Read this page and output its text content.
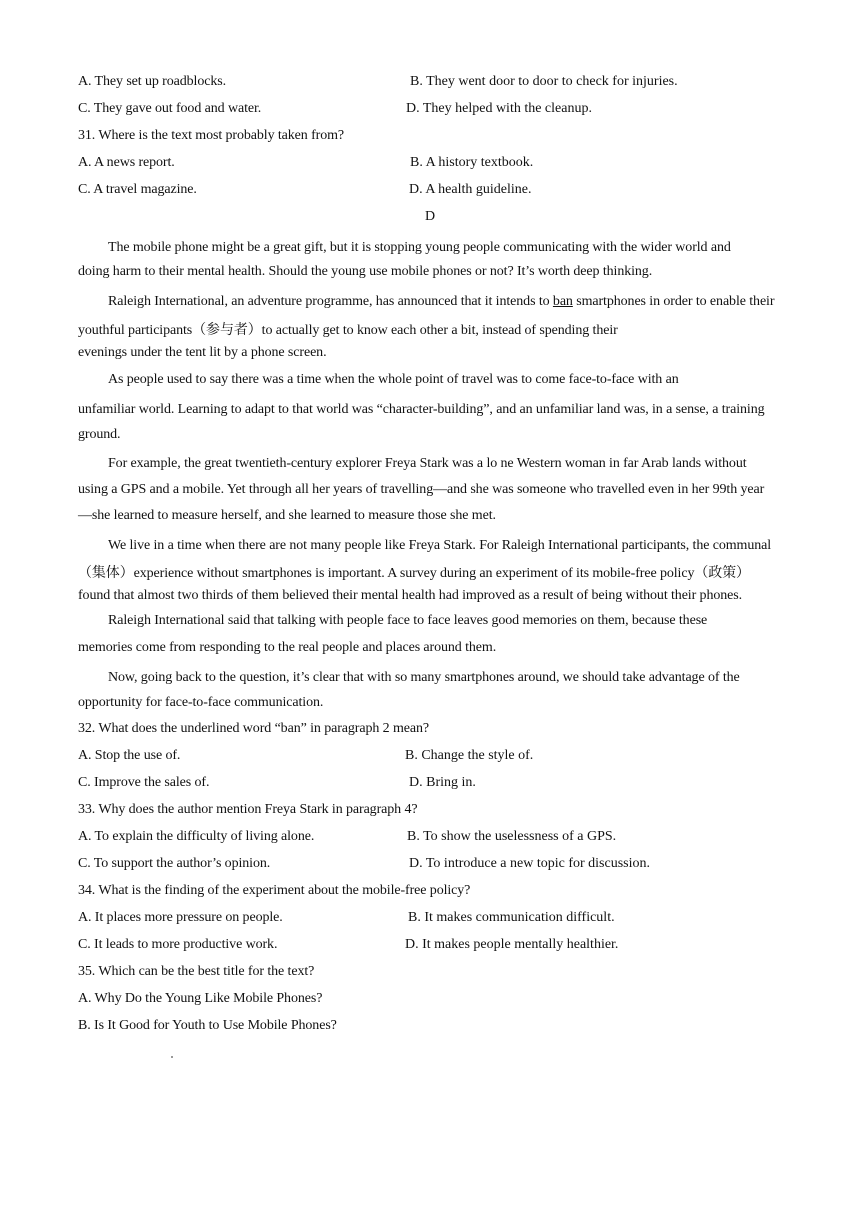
A. They set up roadblocks.	B. They went door to door to check for injuries.
C. They gave out food and water.	D. They helped with the cleanup.
31. Where is the text most probably taken from?
A. A news report.	B. A history textbook.
C. A travel magazine.	D. A health guideline.
D
The mobile phone might be a great gift, but it is stopping young people communicating with the wider world and
doing harm to their mental health. Should the young use mobile phones or not? It’s worth deep thinking.
Raleigh International, an adventure programme, has announced that it intends to ban smartphones in order to enable their
youthful participants（参与者）to actually get to know each other a bit, instead of spending their
evenings under the tent lit by a phone screen.
As people used to say there was a time when the whole point of travel was to come face-to-face with an
unfamiliar world. Learning to adapt to that world was “character-building”, and an unfamiliar land was, in a sense, a training
ground.
For example, the great twentieth-century explorer Freya Stark was a lo ne Western woman in far Arab lands without
using a GPS and a mobile. Yet through all her years of travelling—and she was someone who travelled even in her 99th year
—she learned to measure herself, and she learned to measure those she met.
We live in a time when there are not many people like Freya Stark. For Raleigh International participants, the communal
（集体）experience without smartphones is important. A survey during an experiment of its mobile-free policy（政策）
found that almost two thirds of them believed their mental health had improved as a result of being without their phones.
Raleigh International said that talking with people face to face leaves good memories on them, because these
memories come from responding to the real people and places around them.
Now, going back to the question, it’s clear that with so many smartphones around, we should take advantage of the
opportunity for face-to-face communication.
32. What does the underlined word “ban” in paragraph 2 mean?
A. Stop the use of.	B. Change the style of.
C. Improve the sales of.	D. Bring in.
33. Why does the author mention Freya Stark in paragraph 4?
A. To explain the difficulty of living alone.	B. To show the uselessness of a GPS.
C. To support the author’s opinion.	D. To introduce a new topic for discussion.
34. What is the finding of the experiment about the mobile-free policy?
A. It places more pressure on people.	B. It makes communication difficult.
C. It leads to more productive work.	D. It makes people mentally healthier.
35. Which can be the best title for the text?
A. Why Do the Young Like Mobile Phones?
B. Is It Good for Youth to Use Mobile Phones?
